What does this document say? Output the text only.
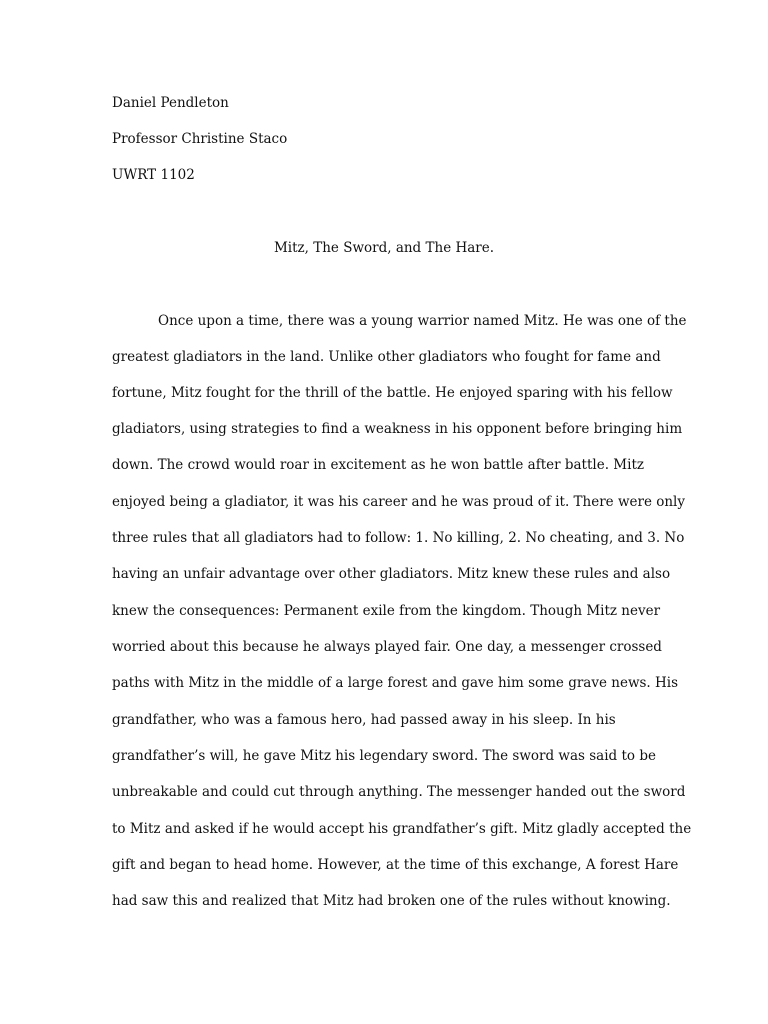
Daniel Pendleton
Professor Christine Staco
UWRT 1102
Mitz, The Sword, and The Hare.
Once upon a time, there was a young warrior named Mitz. He was one of the
greatest gladiators in the land. Unlike other gladiators who fought for fame and
fortune, Mitz fought for the thrill of the battle. He enjoyed sparing with his fellow
gladiators, using strategies to find a weakness in his opponent before bringing him
down. The crowd would roar in excitement as he won battle after battle. Mitz
enjoyed being a gladiator, it was his career and he was proud of it. There were only
three rules that all gladiators had to follow: 1. No killing, 2. No cheating, and 3. No
having an unfair advantage over other gladiators. Mitz knew these rules and also
knew the consequences: Permanent exile from the kingdom. Though Mitz never
worried about this because he always played fair. One day, a messenger crossed
paths with Mitz in the middle of a large forest and gave him some grave news. His
grandfather, who was a famous hero, had passed away in his sleep. In his
grandfather’s will, he gave Mitz his legendary sword. The sword was said to be
unbreakable and could cut through anything. The messenger handed out the sword
to Mitz and asked if he would accept his grandfather’s gift. Mitz gladly accepted the
gift and began to head home. However, at the time of this exchange, A forest Hare
had saw this and realized that Mitz had broken one of the rules without knowing.
